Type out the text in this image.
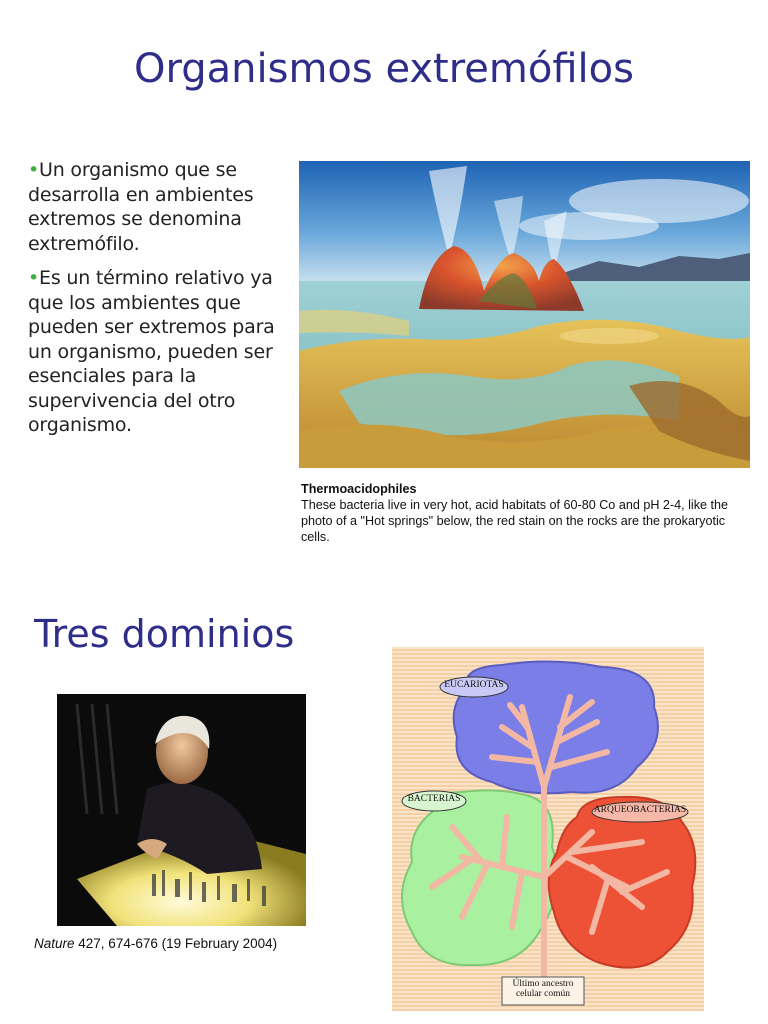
Organismos extremófilos
•Un organismo que se desarrolla en ambientes extremos se denomina extremófilo.
•Es un término relativo ya que los ambientes que pueden ser extremos para un organismo, pueden ser esenciales para la supervivencia del otro organismo.
Thermoacidophiles
These bacteria live in very hot, acid habitats of 60-80 Co and pH 2-4, like the photo of a "Hot springs" below, the red stain on the rocks are the prokaryotic cells.
Tres dominios
Nature 427, 674-676 (19 February 2004)
EUCARIOTAS
BACTERIAS
ARQUEOBACTERIAS
Último ancestro
celular común
